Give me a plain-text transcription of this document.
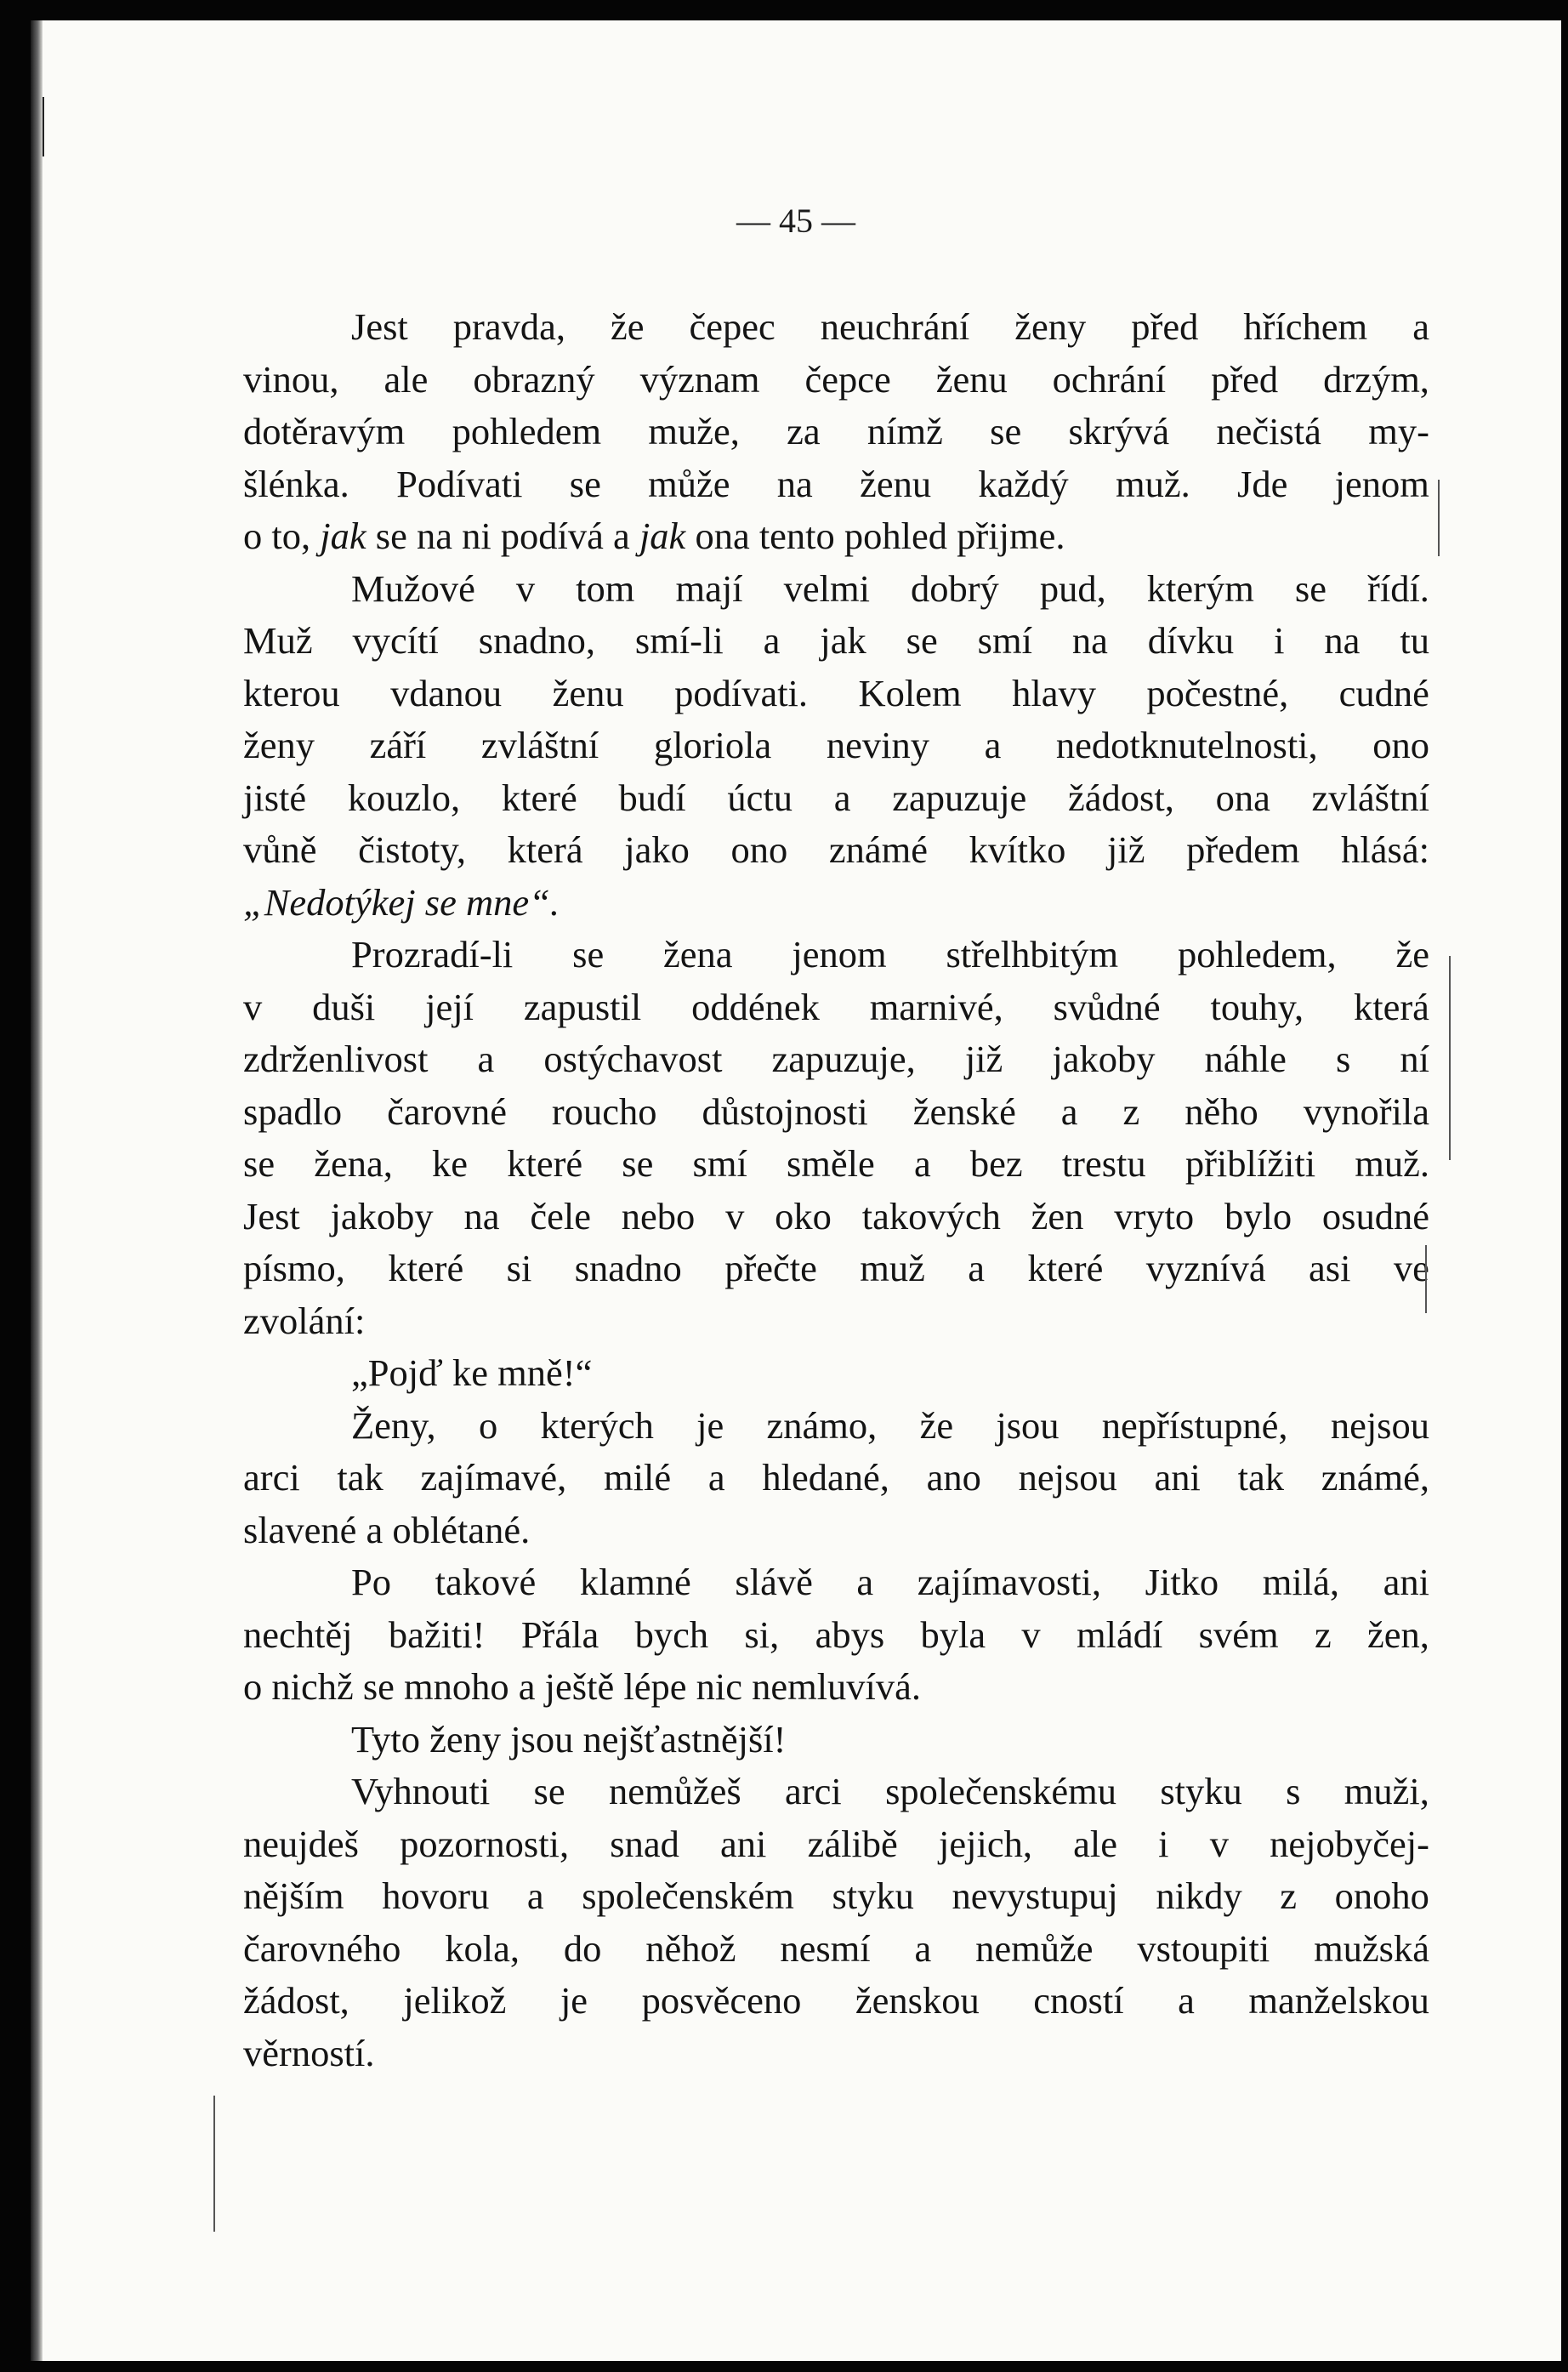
— 45 —
Jest pravda, že čepec neuchrání ženy před hříchem a
vinou, ale obrazný význam čepce ženu ochrání před drzým,
dotěravým pohledem muže, za nímž se skrývá nečistá my-
šlénka. Podívati se může na ženu každý muž. Jde jenom
o to, jak se na ni podívá a jak ona tento pohled přijme.
Mužové v tom mají velmi dobrý pud, kterým se řídí.
Muž vycítí snadno, smí-li a jak se smí na dívku i na tu
kterou vdanou ženu podívati. Kolem hlavy počestné, cudné
ženy září zvláštní gloriola neviny a nedotknutelnosti, ono
jisté kouzlo, které budí úctu a zapuzuje žádost, ona zvláštní
vůně čistoty, která jako ono známé kvítko již předem hlásá:
„Nedotýkej se mne“.
Prozradí-li se žena jenom střelhbitým pohledem, že
v duši její zapustil oddének marnivé, svůdné touhy, která
zdrženlivost a ostýchavost zapuzuje, již jakoby náhle s ní
spadlo čarovné roucho důstojnosti ženské a z něho vynořila
se žena, ke které se smí směle a bez trestu přiblížiti muž.
Jest jakoby na čele nebo v oko takových žen vryto bylo osudné
písmo, které si snadno přečte muž a které vyznívá asi ve
zvolání:
„Pojď ke mně!“
Ženy, o kterých je známo, že jsou nepřístupné, nejsou
arci tak zajímavé, milé a hledané, ano nejsou ani tak známé,
slavené a oblétané.
Po takové klamné slávě a zajímavosti, Jitko milá, ani
nechtěj bažiti! Přála bych si, abys byla v mládí svém z žen,
o nichž se mnoho a ještě lépe nic nemluvívá.
Tyto ženy jsou nejšťastnější!
Vyhnouti se nemůžeš arci společenskému styku s muži,
neujdeš pozornosti, snad ani zálibě jejich, ale i v nejobyčej-
nějším hovoru a společenském styku nevystupuj nikdy z onoho
čarovného kola, do něhož nesmí a nemůže vstoupiti mužská
žádost, jelikož je posvěceno ženskou cností a manželskou
věrností.
